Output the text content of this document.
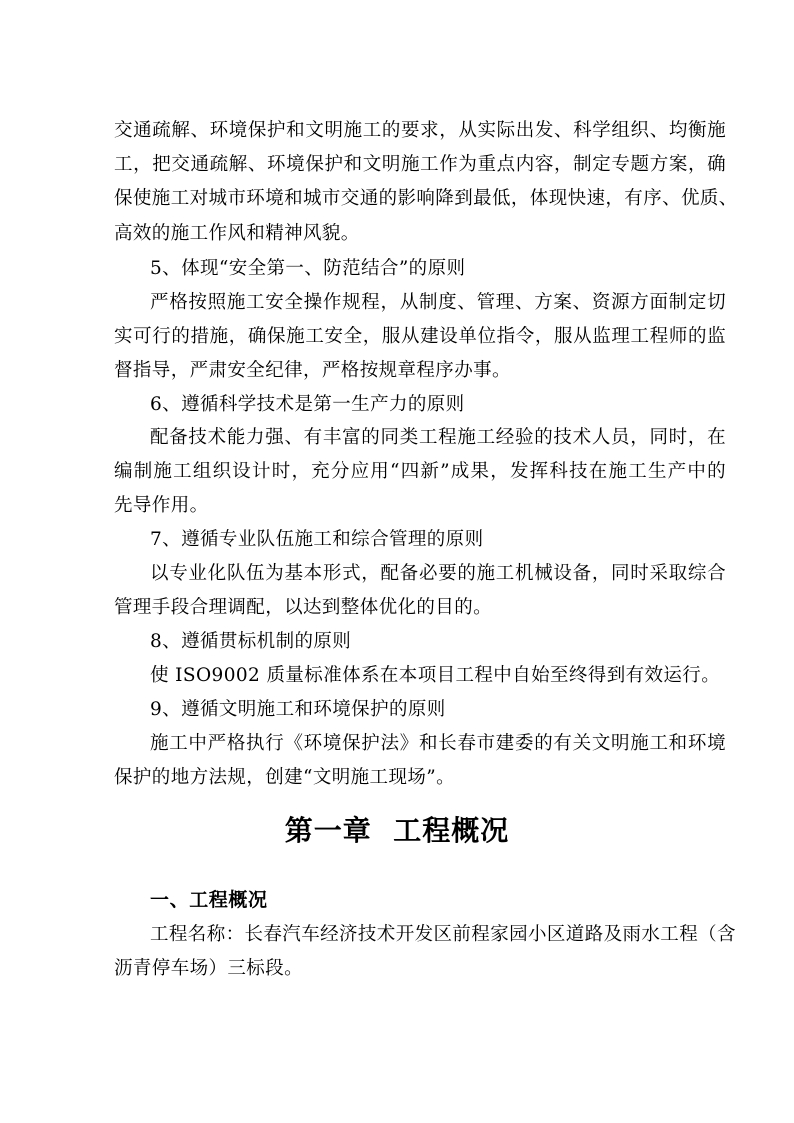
交通疏解、环境保护和文明施工的要求，从实际出发、科学组织、均衡施
工，把交通疏解、环境保护和文明施工作为重点内容，制定专题方案，确
保使施工对城市环境和城市交通的影响降到最低，体现快速，有序、优质、
高效的施工作风和精神风貌。
5、体现“安全第一、防范结合”的原则
严格按照施工安全操作规程，从制度、管理、方案、资源方面制定切
实可行的措施，确保施工安全，服从建设单位指令，服从监理工程师的监
督指导，严肃安全纪律，严格按规章程序办事。
6、遵循科学技术是第一生产力的原则
配备技术能力强、有丰富的同类工程施工经验的技术人员，同时，在
编制施工组织设计时，充分应用“四新”成果，发挥科技在施工生产中的
先导作用。
7、遵循专业队伍施工和综合管理的原则
以专业化队伍为基本形式，配备必要的施工机械设备，同时采取综合
管理手段合理调配，以达到整体优化的目的。
8、遵循贯标机制的原则
使 ISO9002 质量标准体系在本项目工程中自始至终得到有效运行。
9、遵循文明施工和环境保护的原则
施工中严格执行《环境保护法》和长春市建委的有关文明施工和环境
保护的地方法规，创建“文明施工现场”。
第一章  工程概况
一、工程概况
工程名称：长春汽车经济技术开发区前程家园小区道路及雨水工程（含
沥青停车场）三标段。
